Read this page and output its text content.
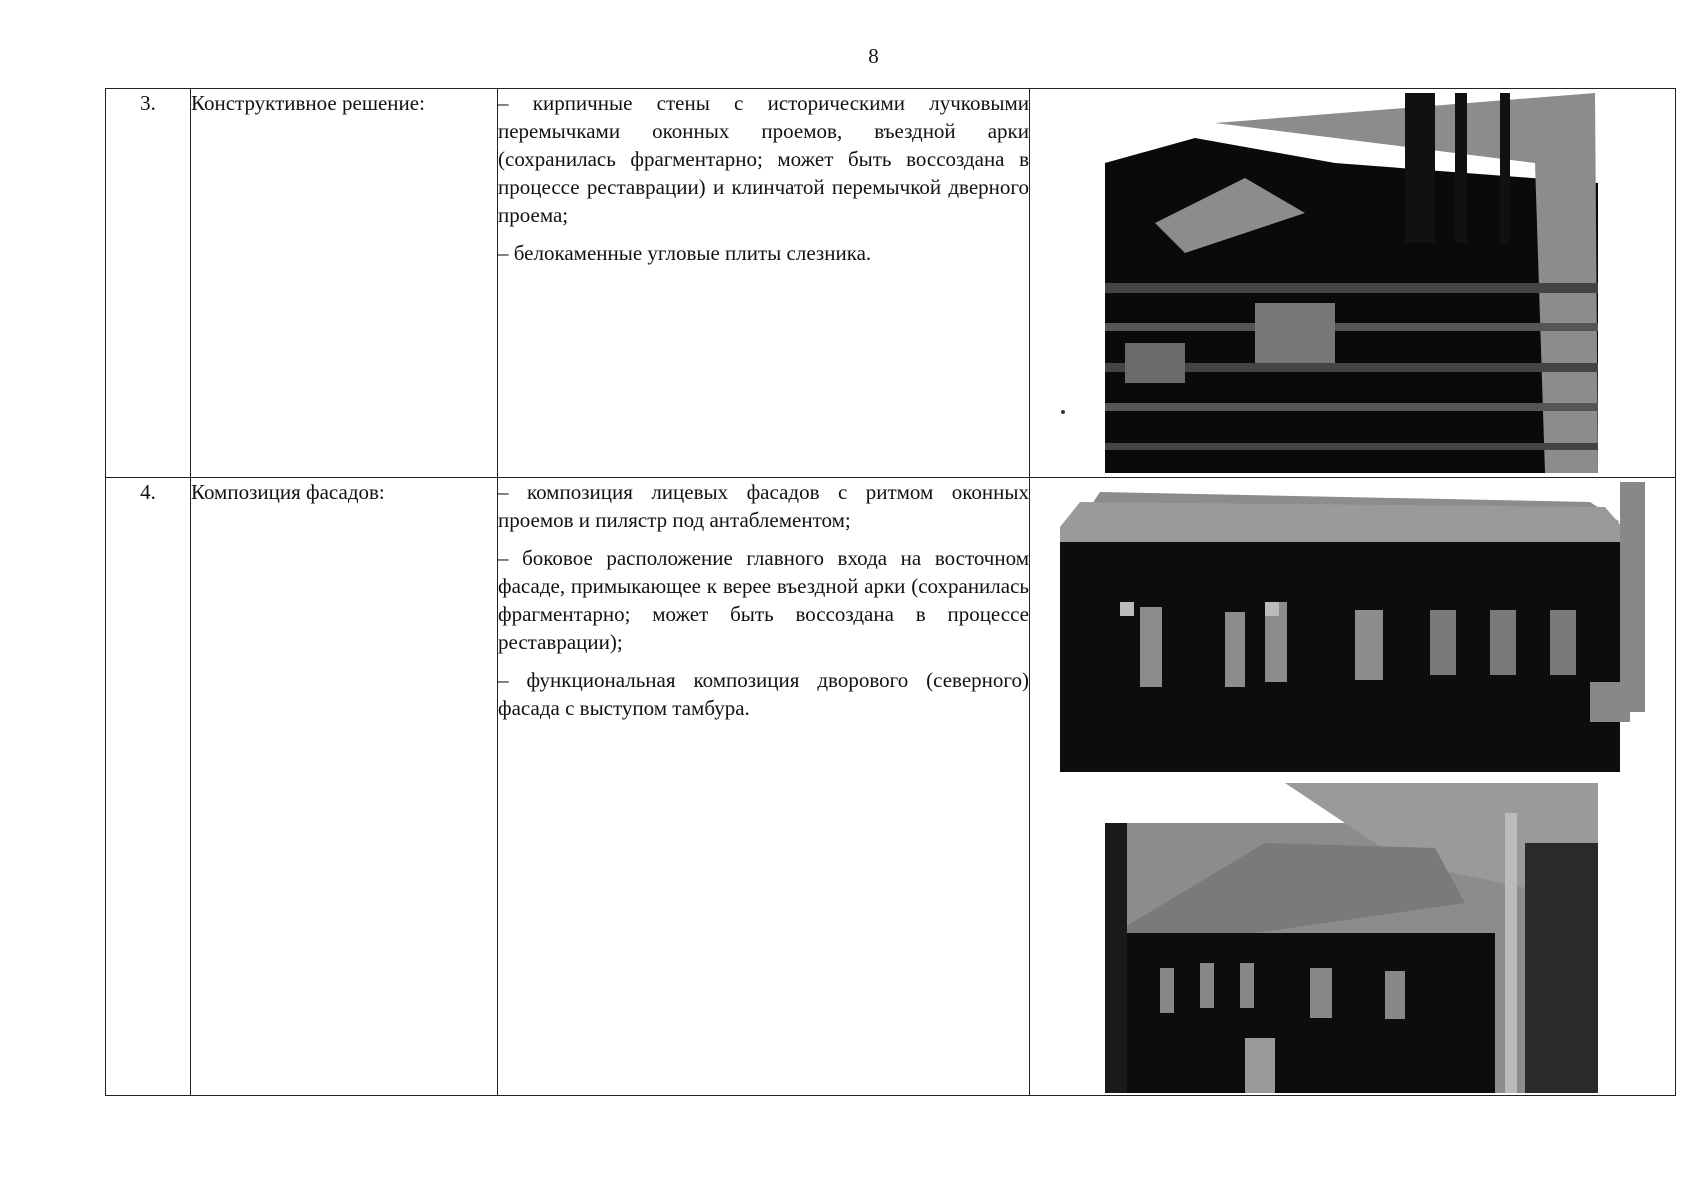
8
3.	Конструктивное решение:	– кирпичные стены с историческими лучковыми перемычками оконных проемов, въездной арки (сохранилась фрагментарно; может быть воссоздана в процессе реставрации) и клинчатой перемычкой дверного проема;

– белокаменные угловые плиты слезника.

4.	Композиция фасадов:	– композиция лицевых фасадов с ритмом оконных проемов и пилястр под антаблементом;

– боковое расположение главного входа на восточном фасаде, примыкающее к верее въездной арки (сохранилась фрагментарно; может быть воссоздана в процессе реставрации);

– функциональная композиция дворового (северного) фасада с выступом тамбура.
